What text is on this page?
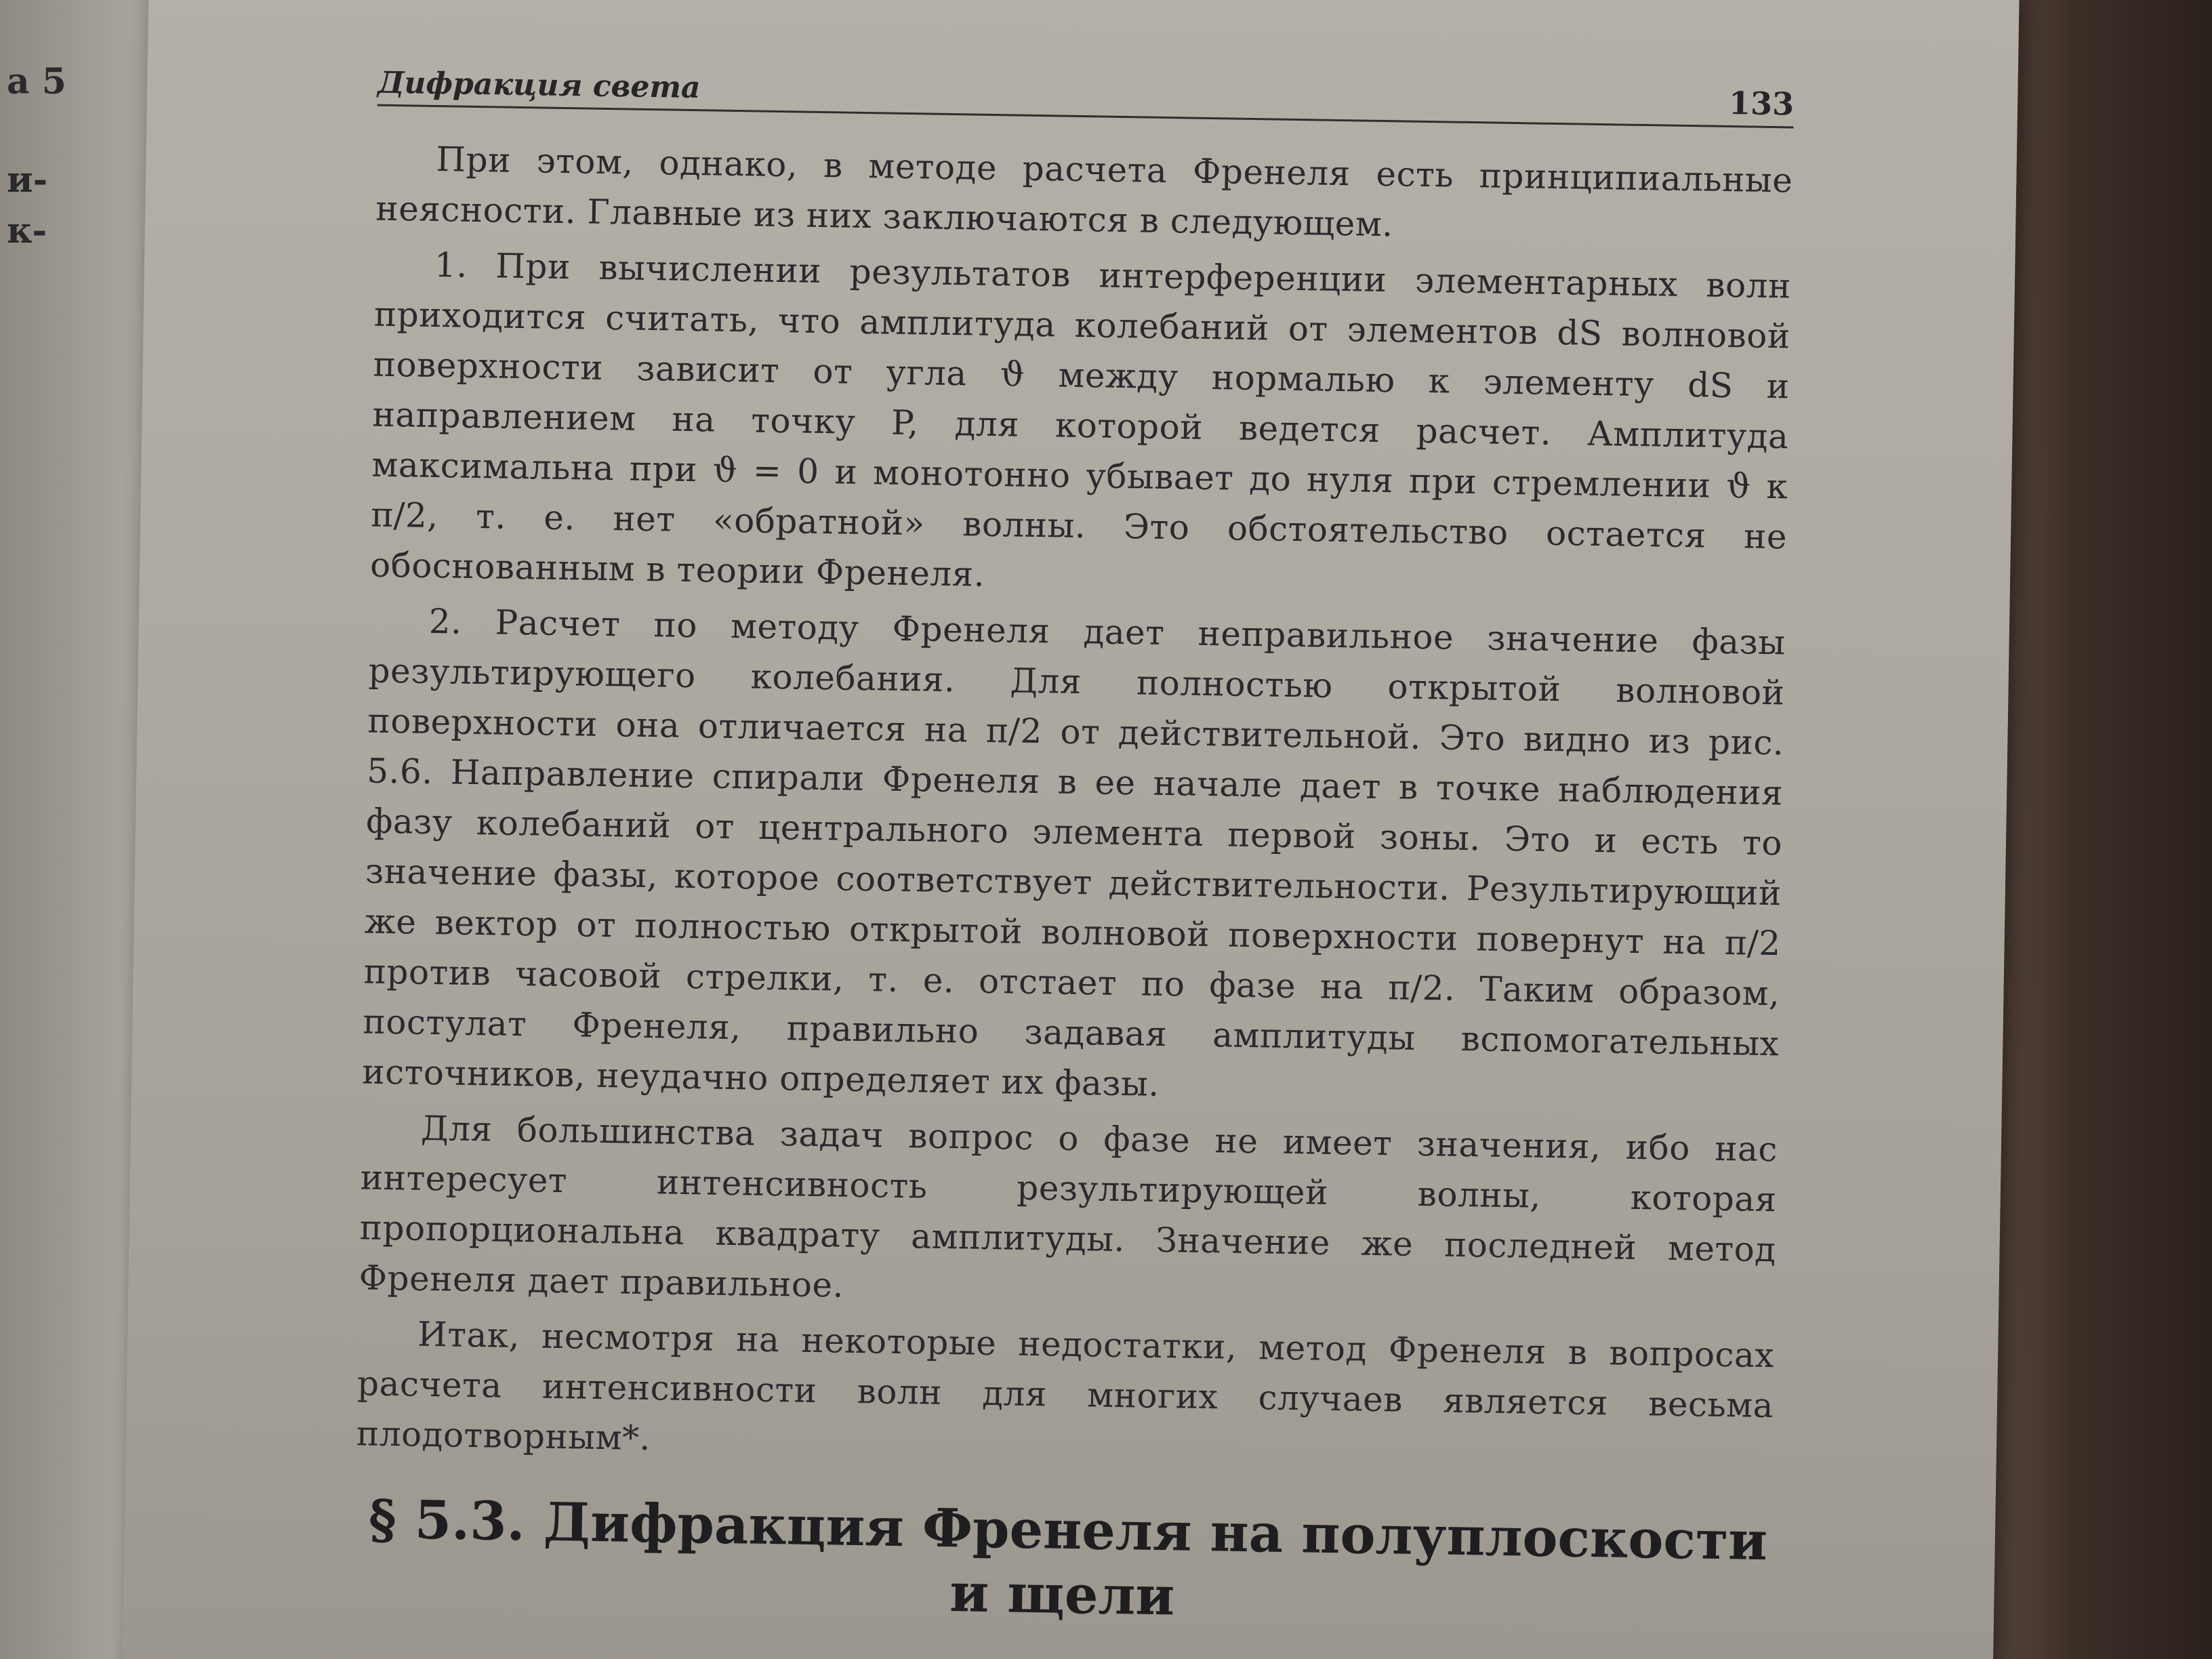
а 5
и-
к-
Дифракция света	133

При этом, однако, в методе расчета Френеля есть принципиальные неясности. Главные из них заключаются в следующем.

1. При вычислении результатов интерференции элементарных волн приходится считать, что амплитуда колебаний от элементов dS волновой поверхности зависит от угла ϑ между нормалью к элементу dS и направлением на точку P, для которой ведется расчет. Амплитуда максимальна при ϑ = 0 и монотонно убывает до нуля при стремлении ϑ к π/2, т. е. нет «обратной» волны. Это обстоятельство остается не обоснованным в теории Френеля.

2. Расчет по методу Френеля дает неправильное значение фазы результирующего колебания. Для полностью открытой волновой поверхности она отличается на π/2 от действительной. Это видно из рис. 5.6. Направление спирали Френеля в ее начале дает в точке наблюдения фазу колебаний от центрального элемента первой зоны. Это и есть то значение фазы, которое соответствует действительности. Результирующий же вектор от полностью открытой волновой поверхности повернут на π/2 против часовой стрелки, т. е. отстает по фазе на π/2. Таким образом, постулат Френеля, правильно задавая амплитуды вспомогательных источников, неудачно определяет их фазы.

Для большинства задач вопрос о фазе не имеет значения, ибо нас интересует интенсивность результирующей волны, которая пропорциональна квадрату амплитуды. Значение же последней метод Френеля дает правильное.

Итак, несмотря на некоторые недостатки, метод Френеля в вопросах расчета интенсивности волн для многих случаев является весьма плодотворным*.

§ 5.3. Дифракция Френеля на полуплоскости
и щели
